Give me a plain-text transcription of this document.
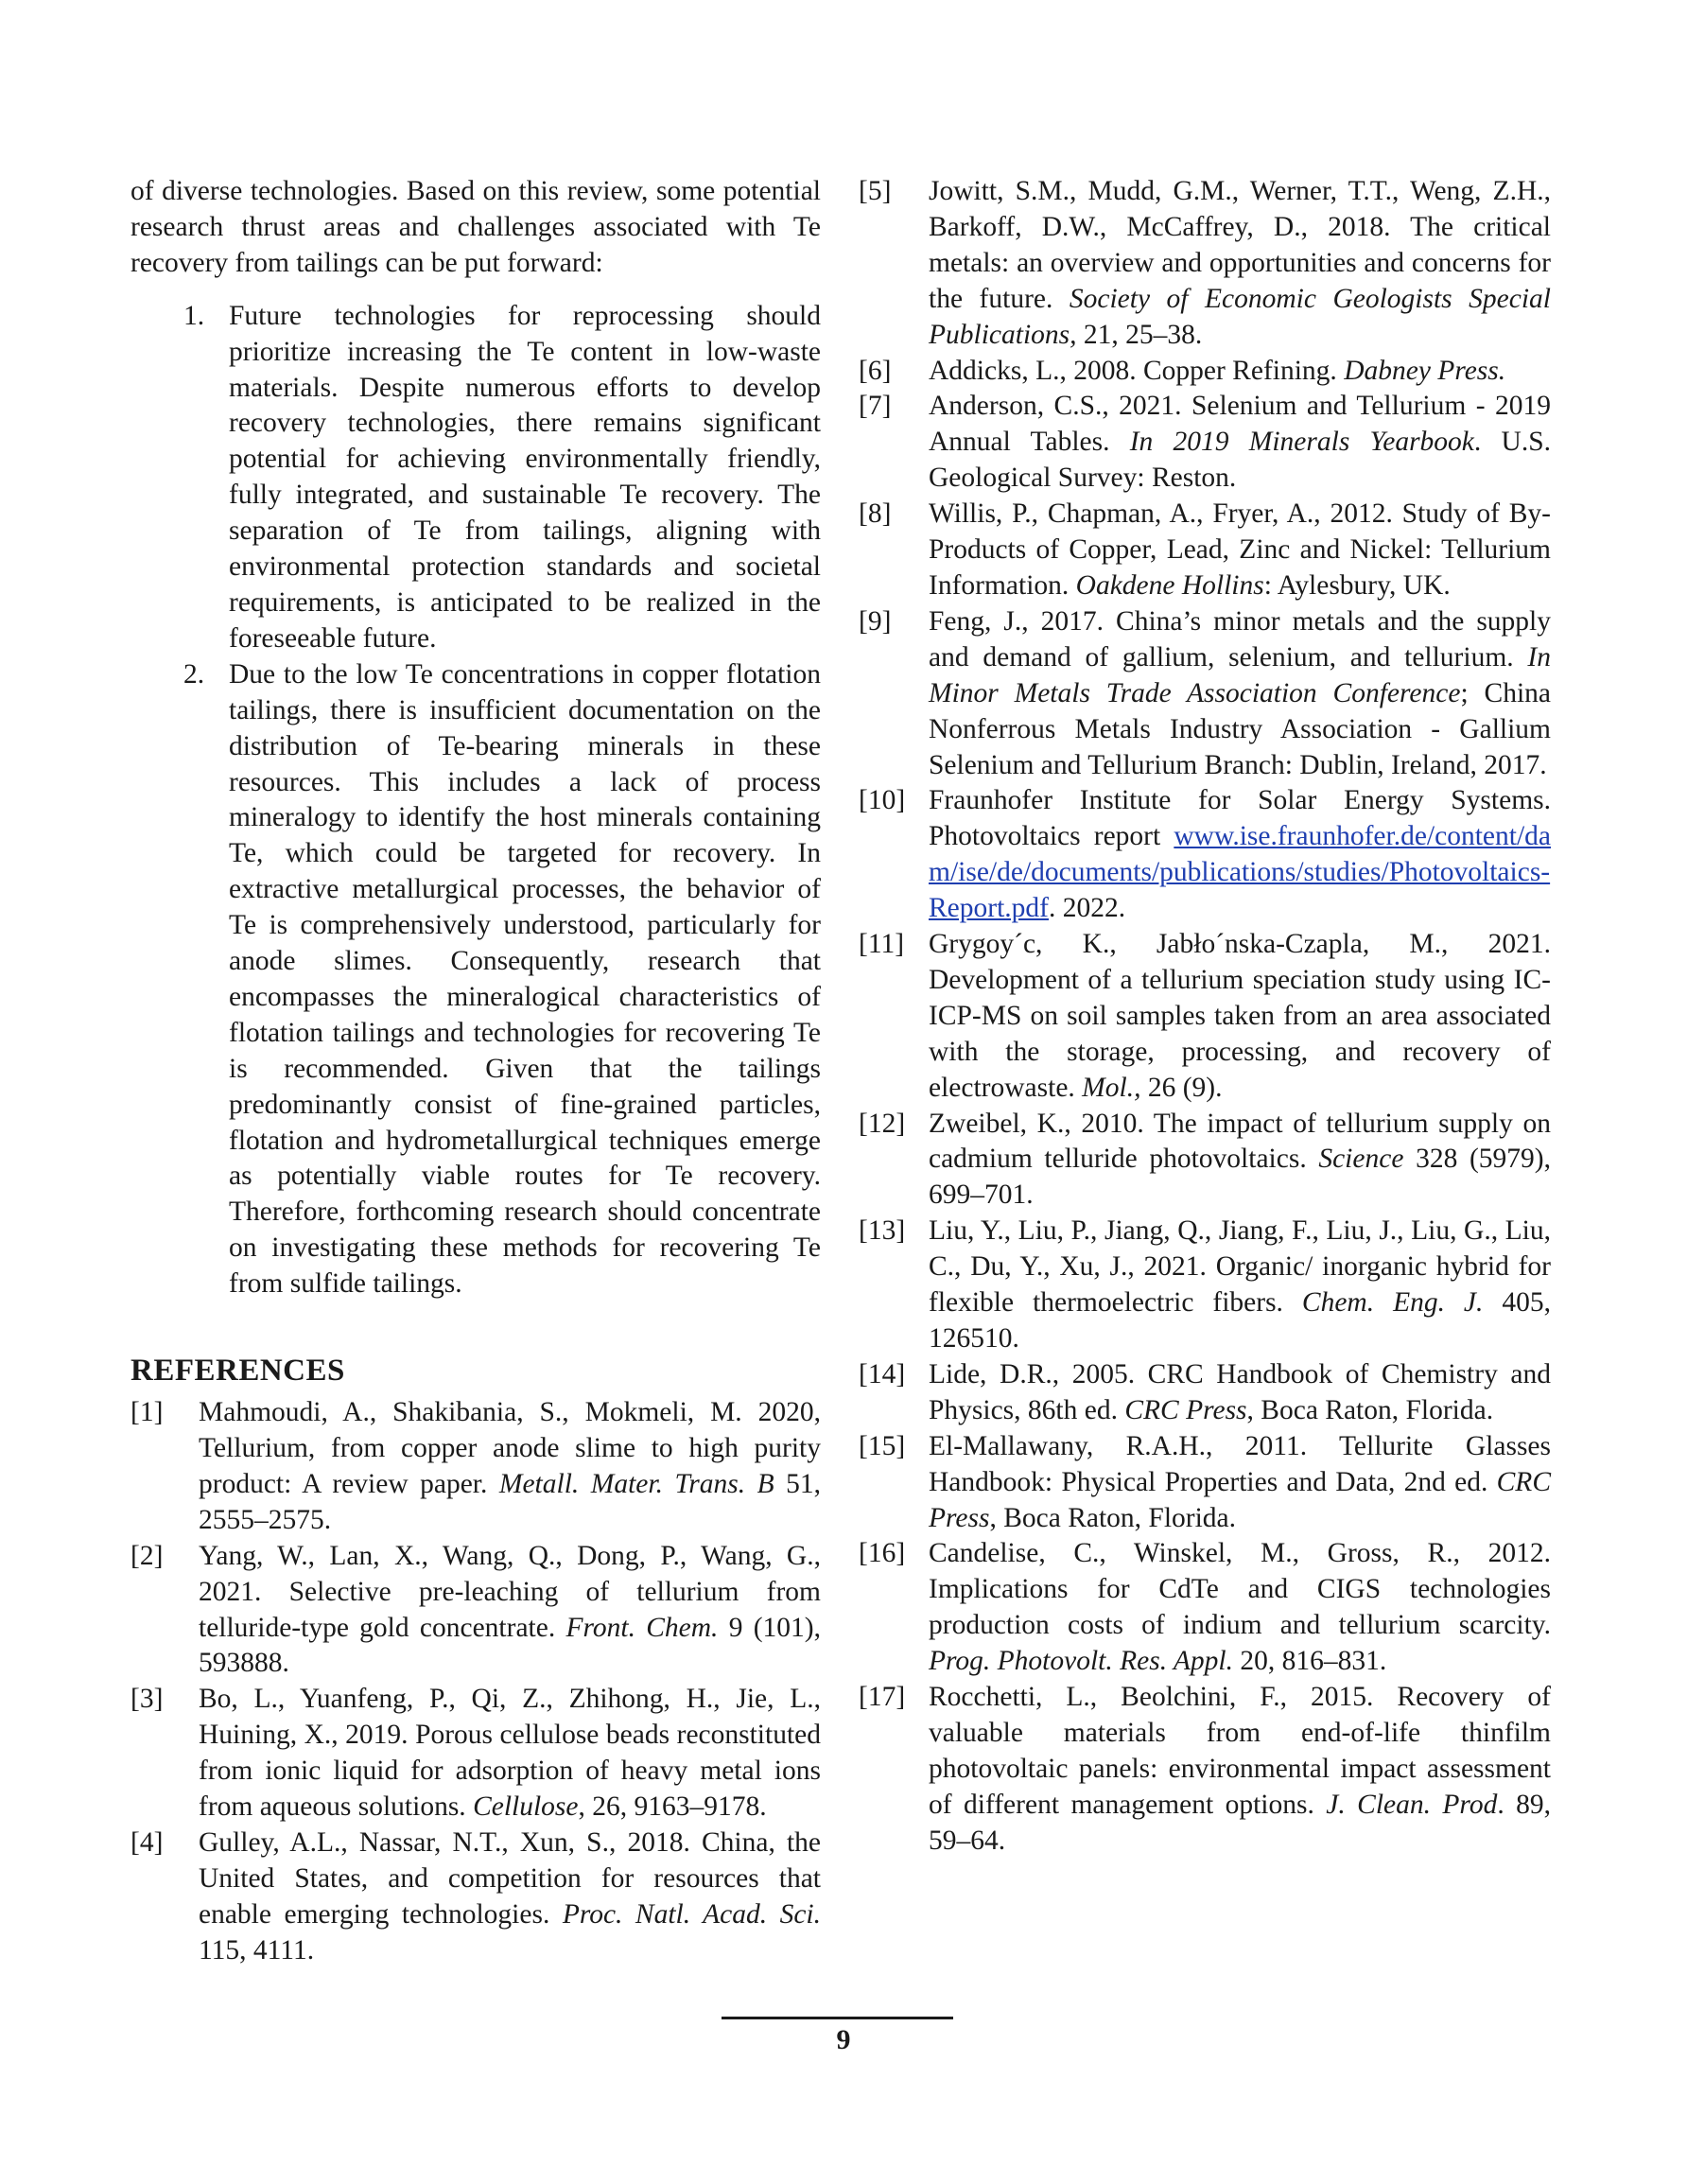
of diverse technologies. Based on this review, some potential research thrust areas and challenges associated with Te recovery from tailings can be put forward:

1. Future technologies for reprocessing should prioritize increasing the Te content in low-waste materials. Despite numerous efforts to develop recovery technologies, there remains significant potential for achieving environmentally friendly, fully integrated, and sustainable Te recovery. The separation of Te from tailings, aligning with environmental protection standards and societal requirements, is anticipated to be realized in the foreseeable future.
2. Due to the low Te concentrations in copper flotation tailings, there is insufficient documentation on the distribution of Te-bearing minerals in these resources. This includes a lack of process mineralogy to identify the host minerals containing Te, which could be targeted for recovery. In extractive metallurgical processes, the behavior of Te is comprehensively understood, particularly for anode slimes. Consequently, research that encompasses the mineralogical characteristics of flotation tailings and technologies for recovering Te is recommended. Given that the tailings predominantly consist of fine-grained particles, flotation and hydrometallurgical techniques emerge as potentially viable routes for Te recovery. Therefore, forthcoming research should concentrate on investigating these methods for recovering Te from sulfide tailings.
REFERENCES
[1] Mahmoudi, A., Shakibania, S., Mokmeli, M. 2020, Tellurium, from copper anode slime to high purity product: A review paper. Metall. Mater. Trans. B 51, 2555–2575.
[2] Yang, W., Lan, X., Wang, Q., Dong, P., Wang, G., 2021. Selective pre-leaching of tellurium from telluride-type gold concentrate. Front. Chem. 9 (101), 593888.
[3] Bo, L., Yuanfeng, P., Qi, Z., Zhihong, H., Jie, L., Huining, X., 2019. Porous cellulose beads reconstituted from ionic liquid for adsorption of heavy metal ions from aqueous solutions. Cellulose, 26, 9163–9178.
[4] Gulley, A.L., Nassar, N.T., Xun, S., 2018. China, the United States, and competition for resources that enable emerging technologies. Proc. Natl. Acad. Sci. 115, 4111.
[5] Jowitt, S.M., Mudd, G.M., Werner, T.T., Weng, Z.H., Barkoff, D.W., McCaffrey, D., 2018. The critical metals: an overview and opportunities and concerns for the future. Society of Economic Geologists Special Publications, 21, 25–38.
[6] Addicks, L., 2008. Copper Refining. Dabney Press.
[7] Anderson, C.S., 2021. Selenium and Tellurium - 2019 Annual Tables. In 2019 Minerals Yearbook. U.S. Geological Survey: Reston.
[8] Willis, P., Chapman, A., Fryer, A., 2012. Study of By-Products of Copper, Lead, Zinc and Nickel: Tellurium Information. Oakdene Hollins: Aylesbury, UK.
[9] Feng, J., 2017. China’s minor metals and the supply and demand of gallium, selenium, and tellurium. In Minor Metals Trade Association Conference; China Nonferrous Metals Industry Association - Gallium Selenium and Tellurium Branch: Dublin, Ireland, 2017.
[10] Fraunhofer Institute for Solar Energy Systems. Photovoltaics report www.ise.fraunhofer.de/content/dam/ise/de/documents/publications/studies/Photovoltaics-Report.pdf. 2022.
[11] Grygoy´c, K., Jabło´nska-Czapla, M., 2021. Development of a tellurium speciation study using IC-ICP-MS on soil samples taken from an area associated with the storage, processing, and recovery of electrowaste. Mol., 26 (9).
[12] Zweibel, K., 2010. The impact of tellurium supply on cadmium telluride photovoltaics. Science 328 (5979), 699–701.
[13] Liu, Y., Liu, P., Jiang, Q., Jiang, F., Liu, J., Liu, G., Liu, C., Du, Y., Xu, J., 2021. Organic/ inorganic hybrid for flexible thermoelectric fibers. Chem. Eng. J. 405, 126510.
[14] Lide, D.R., 2005. CRC Handbook of Chemistry and Physics, 86th ed. CRC Press, Boca Raton, Florida.
[15] El-Mallawany, R.A.H., 2011. Tellurite Glasses Handbook: Physical Properties and Data, 2nd ed. CRC Press, Boca Raton, Florida.
[16] Candelise, C., Winskel, M., Gross, R., 2012. Implications for CdTe and CIGS technologies production costs of indium and tellurium scarcity. Prog. Photovolt. Res. Appl. 20, 816–831.
[17] Rocchetti, L., Beolchini, F., 2015. Recovery of valuable materials from end-of-life thinfilm photovoltaic panels: environmental impact assessment of different management options. J. Clean. Prod. 89, 59–64.
9
